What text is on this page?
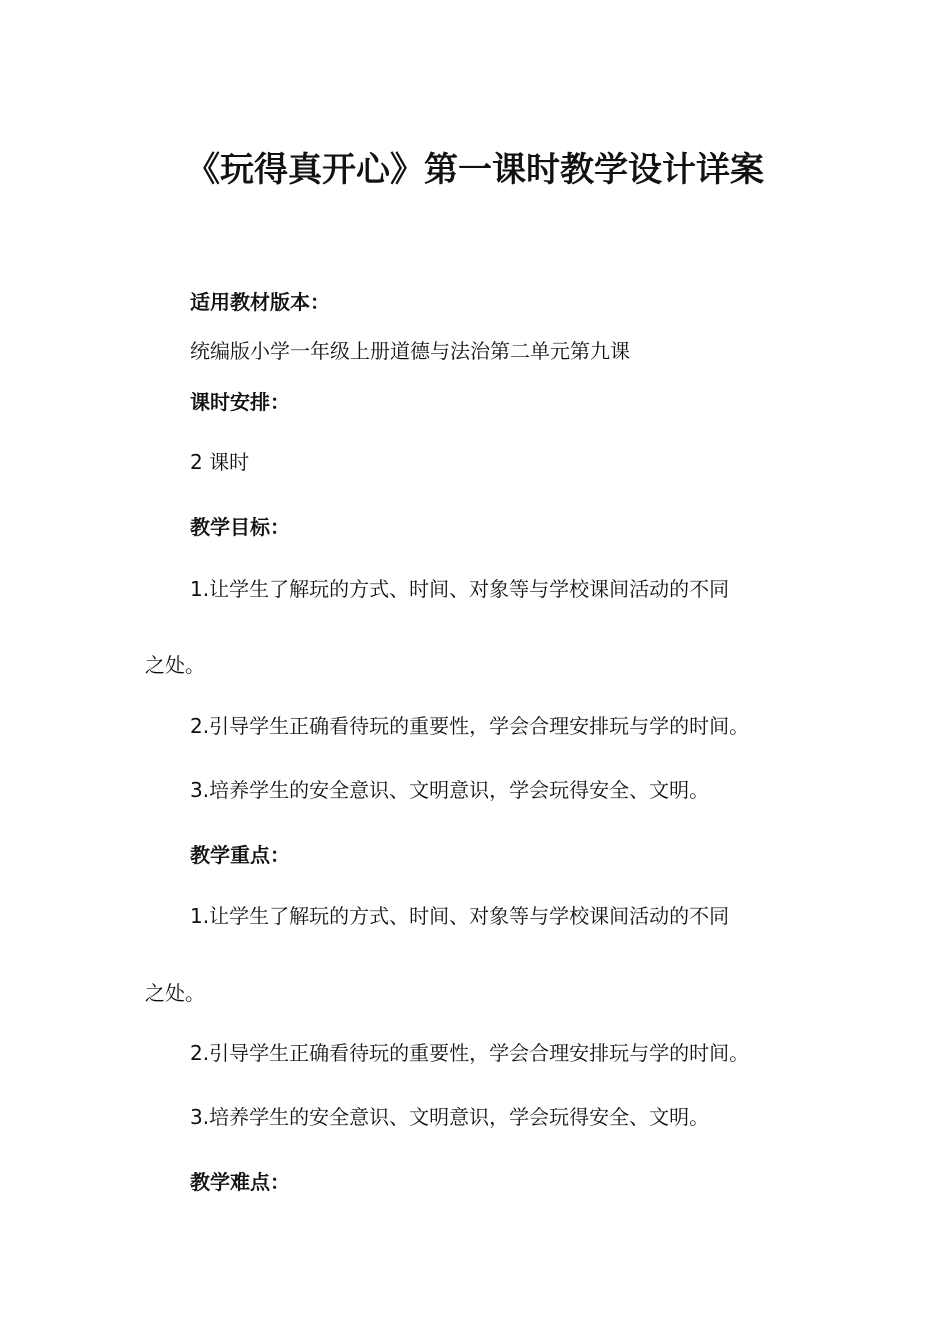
《玩得真开心》第一课时教学设计详案
适用教材版本：
统编版小学一年级上册道德与法治第二单元第九课
课时安排：
2 课时
教学目标：
1.让学生了解玩的方式、时间、对象等与学校课间活动的不同
之处。
2.引导学生正确看待玩的重要性，学会合理安排玩与学的时间。
3.培养学生的安全意识、文明意识，学会玩得安全、文明。
教学重点：
1.让学生了解玩的方式、时间、对象等与学校课间活动的不同
之处。
2.引导学生正确看待玩的重要性，学会合理安排玩与学的时间。
3.培养学生的安全意识、文明意识，学会玩得安全、文明。
教学难点：
